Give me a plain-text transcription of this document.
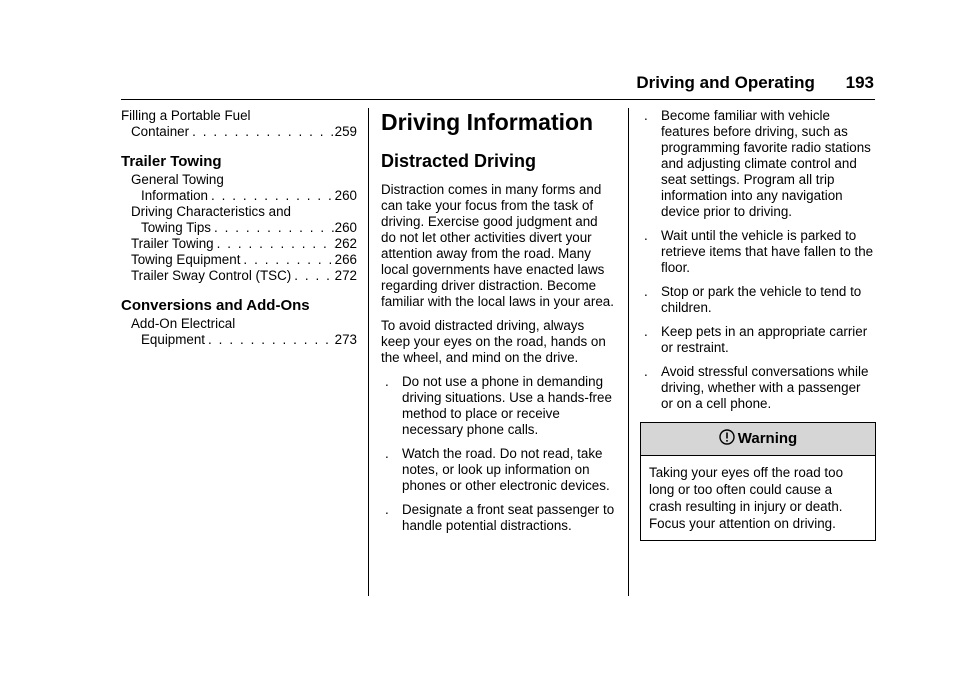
Driving and Operating 193
Filling a Portable Fuel
Container . . .	259
Trailer Towing
General Towing
Information . . .	260
Driving Characteristics and
Towing Tips . . .	260
Trailer Towing . . .	262
Towing Equipment . . .	266
Trailer Sway Control (TSC) . . .	272
Conversions and Add-Ons
Add-On Electrical
Equipment . . .	273
Driving Information
Distracted Driving

Distraction comes in many forms and can take your focus from the task of driving. Exercise good judgment and do not let other activities divert your attention away from the road. Many local governments have enacted laws regarding driver distraction. Become familiar with the local laws in your area.

To avoid distracted driving, always keep your eyes on the road, hands on the wheel, and mind on the drive.

. Do not use a phone in demanding driving situations. Use a hands-free method to place or receive necessary phone calls.
. Watch the road. Do not read, take notes, or look up information on phones or other electronic devices.
. Designate a front seat passenger to handle potential distractions.
. Become familiar with vehicle features before driving, such as programming favorite radio stations and adjusting climate control and seat settings. Program all trip information into any navigation device prior to driving.
. Wait until the vehicle is parked to retrieve items that have fallen to the floor.
. Stop or park the vehicle to tend to children.
. Keep pets in an appropriate carrier or restraint.
. Avoid stressful conversations while driving, whether with a passenger or on a cell phone.
Warning
Taking your eyes off the road too long or too often could cause a crash resulting in injury or death. Focus your attention on driving.
